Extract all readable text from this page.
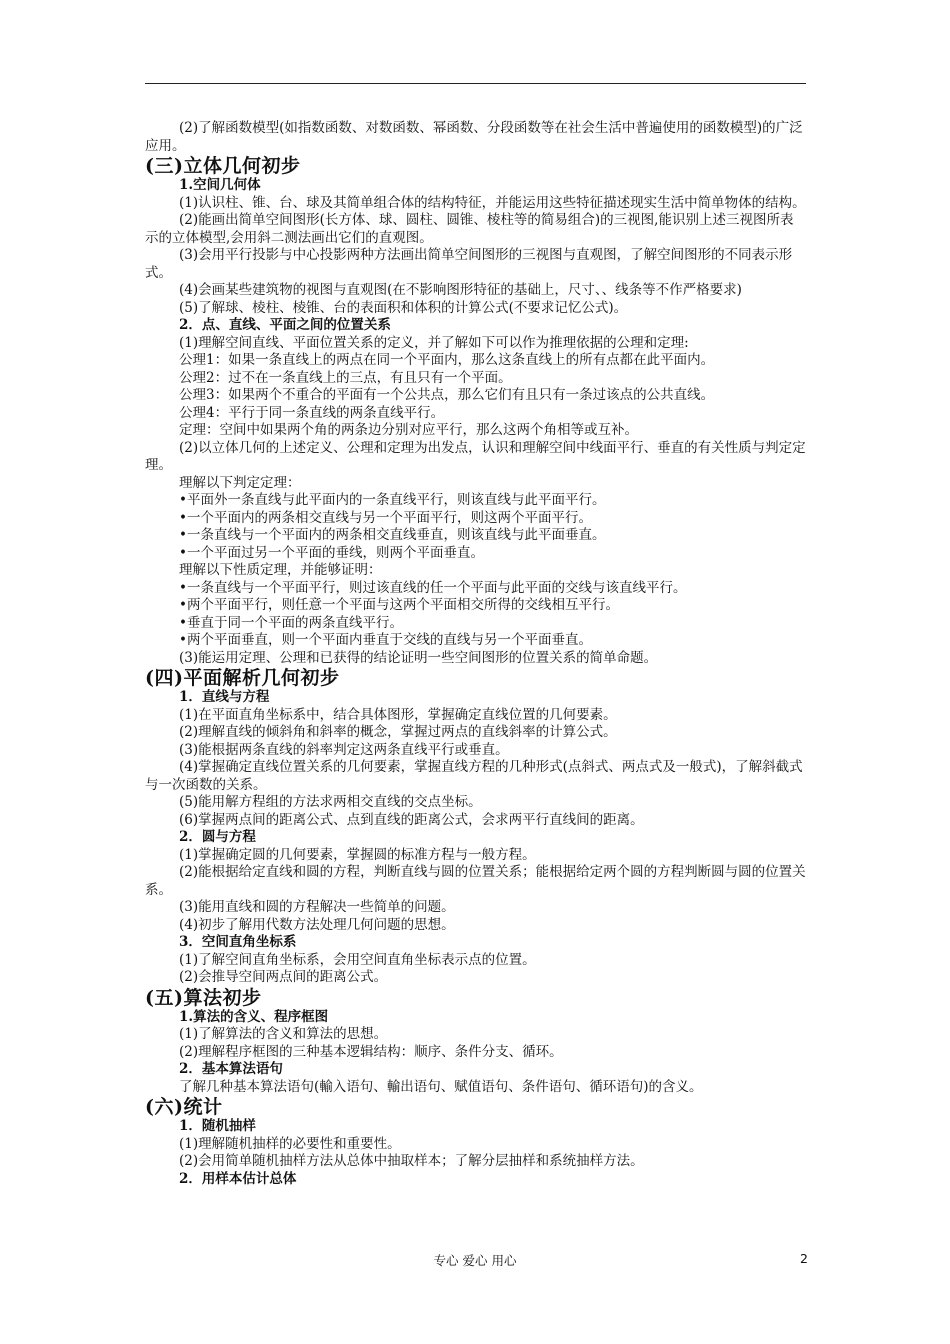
(2)了解函数模型(如指数函数、对数函数、幂函数、分段函数等在社会生活中普遍使用的函数模型)的广泛应用。

(三)立体几何初步

1.空间几何体

(1)认识柱、锥、台、球及其简单组合体的结构特征，并能运用这些特征描述现实生活中简单物体的结构。

(2)能画出简单空间图形(长方体、球、圆柱、圆锥、棱柱等的简易组合)的三视图,能识别上述三视图所表示的立体模型,会用斜二测法画出它们的直观图。

(3)会用平行投影与中心投影两种方法画出简单空间图形的三视图与直观图，了解空间图形的不同表示形式。

(4)会画某些建筑物的视图与直观图(在不影响图形特征的基础上，尺寸、、线条等不作严格要求)

(5)了解球、棱柱、棱锥、台的表面积和体积的计算公式(不要求记忆公式)。

2．点、直线、平面之间的位置关系

(1)理解空间直线、平面位置关系的定义，并了解如下可以作为推理依据的公理和定理:

公理1：如果一条直线上的两点在同一个平面内，那么这条直线上的所有点都在此平面内。

公理2：过不在一条直线上的三点，有且只有一个平面。

公理3：如果两个不重合的平面有一个公共点，那么它们有且只有一条过该点的公共直线。

公理4：平行于同一条直线的两条直线平行。

定理：空间中如果两个角的两条边分别对应平行，那么这两个角相等或互补。

(2)以立体几何的上述定义、公理和定理为出发点，认识和理解空间中线面平行、垂直的有关性质与判定定理。

理解以下判定定理：

•平面外一条直线与此平面内的一条直线平行，则该直线与此平面平行。

•一个平面内的两条相交直线与另一个平面平行，则这两个平面平行。

•一条直线与一个平面内的两条相交直线垂直，则该直线与此平面垂直。

•一个平面过另一个平面的垂线，则两个平面垂直。

理解以下性质定理，并能够证明：

•一条直线与一个平面平行，则过该直线的任一个平面与此平面的交线与该直线平行。

•两个平面平行，则任意一个平面与这两个平面相交所得的交线相互平行。

•垂直于同一个平面的两条直线平行。

•两个平面垂直，则一个平面内垂直于交线的直线与另一个平面垂直。

(3)能运用定理、公理和已获得的结论证明一些空间图形的位置关系的简单命题。

(四)平面解析几何初步

1．直线与方程

(1)在平面直角坐标系中，结合具体图形，掌握确定直线位置的几何要素。

(2)理解直线的倾斜角和斜率的概念，掌握过两点的直线斜率的计算公式。

(3)能根据两条直线的斜率判定这两条直线平行或垂直。

(4)掌握确定直线位置关系的几何要素，掌握直线方程的几种形式(点斜式、两点式及一般式)，了解斜截式与一次函数的关系。

(5)能用解方程组的方法求两相交直线的交点坐标。

(6)掌握两点间的距离公式、点到直线的距离公式，会求两平行直线间的距离。

2．圆与方程

(1)掌握确定圆的几何要素，掌握圆的标准方程与一般方程。

(2)能根据给定直线和圆的方程，判断直线与圆的位置关系；能根据给定两个圆的方程判断圆与圆的位置关系。

(3)能用直线和圆的方程解决一些简单的问题。

(4)初步了解用代数方法处理几何问题的思想。

3．空间直角坐标系

(1)了解空间直角坐标系，会用空间直角坐标表示点的位置。

(2)会推导空间两点间的距离公式。

(五)算法初步

1.算法的含义、程序框图

(1)了解算法的含义和算法的思想。

(2)理解程序框图的三种基本逻辑结构：顺序、条件分支、循环。

2．基本算法语句

了解几种基本算法语句(輸入语句、輸出语句、赋值语句、条件语句、循环语句)的含义。

(六)统计

1．随机抽样

(1)理解随机抽样的必要性和重要性。

(2)会用简单随机抽样方法从总体中抽取样本；了解分层抽样和系统抽样方法。

2．用样本估计总体

专心 爱心 用心	2
